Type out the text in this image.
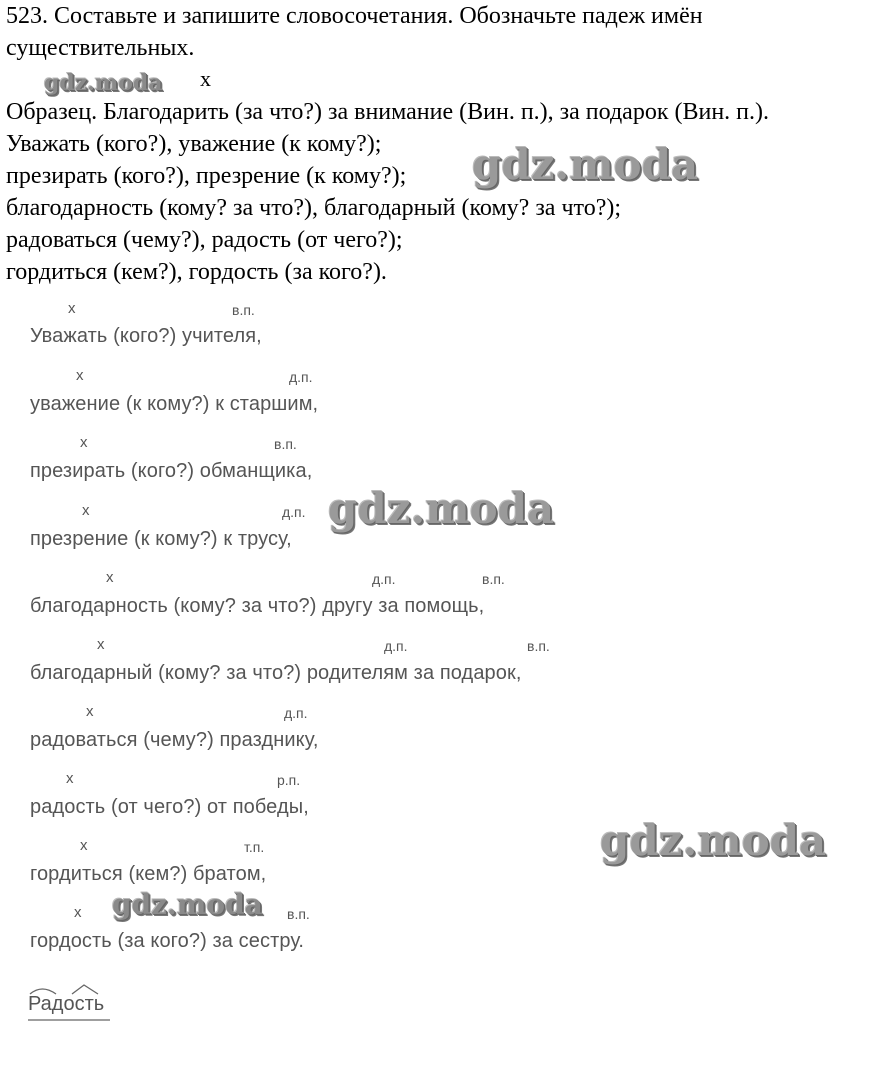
523. Составьте и запишите словосочетания. Обозначьте падеж имён
существительных.
Образец. Благодарить (за что?) за внимание (Вин. п.), за подарок (Вин. п.).
Уважать (кого?), уважение (к кому?);
презирать (кого?), презрение (к кому?);
благодарность (кому? за что?), благодарный (кому? за что?);
радоваться (чему?), радость (от чего?);
гордиться (кем?), гордость (за кого?).
х
х	в.п.
Уважать (кого?) учителя,
х	д.п.
уважение (к кому?) к старшим,
х	в.п.
презирать (кого?) обманщика,
х	д.п.
презрение (к кому?) к трусу,
х	д.п.	в.п.
благодарность (кому? за что?) другу за помощь,
х	д.п.	в.п.
благодарный (кому? за что?) родителям за подарок,
х	д.п.
радоваться (чему?) празднику,
х	р.п.
радость (от чего?) от победы,
х	т.п.
гордиться (кем?) братом,
х	в.п.
гордость (за кого?) за сестру.
Радость
gdz.moda
gdz.moda
gdz.moda
gdz.moda
gdz.moda
